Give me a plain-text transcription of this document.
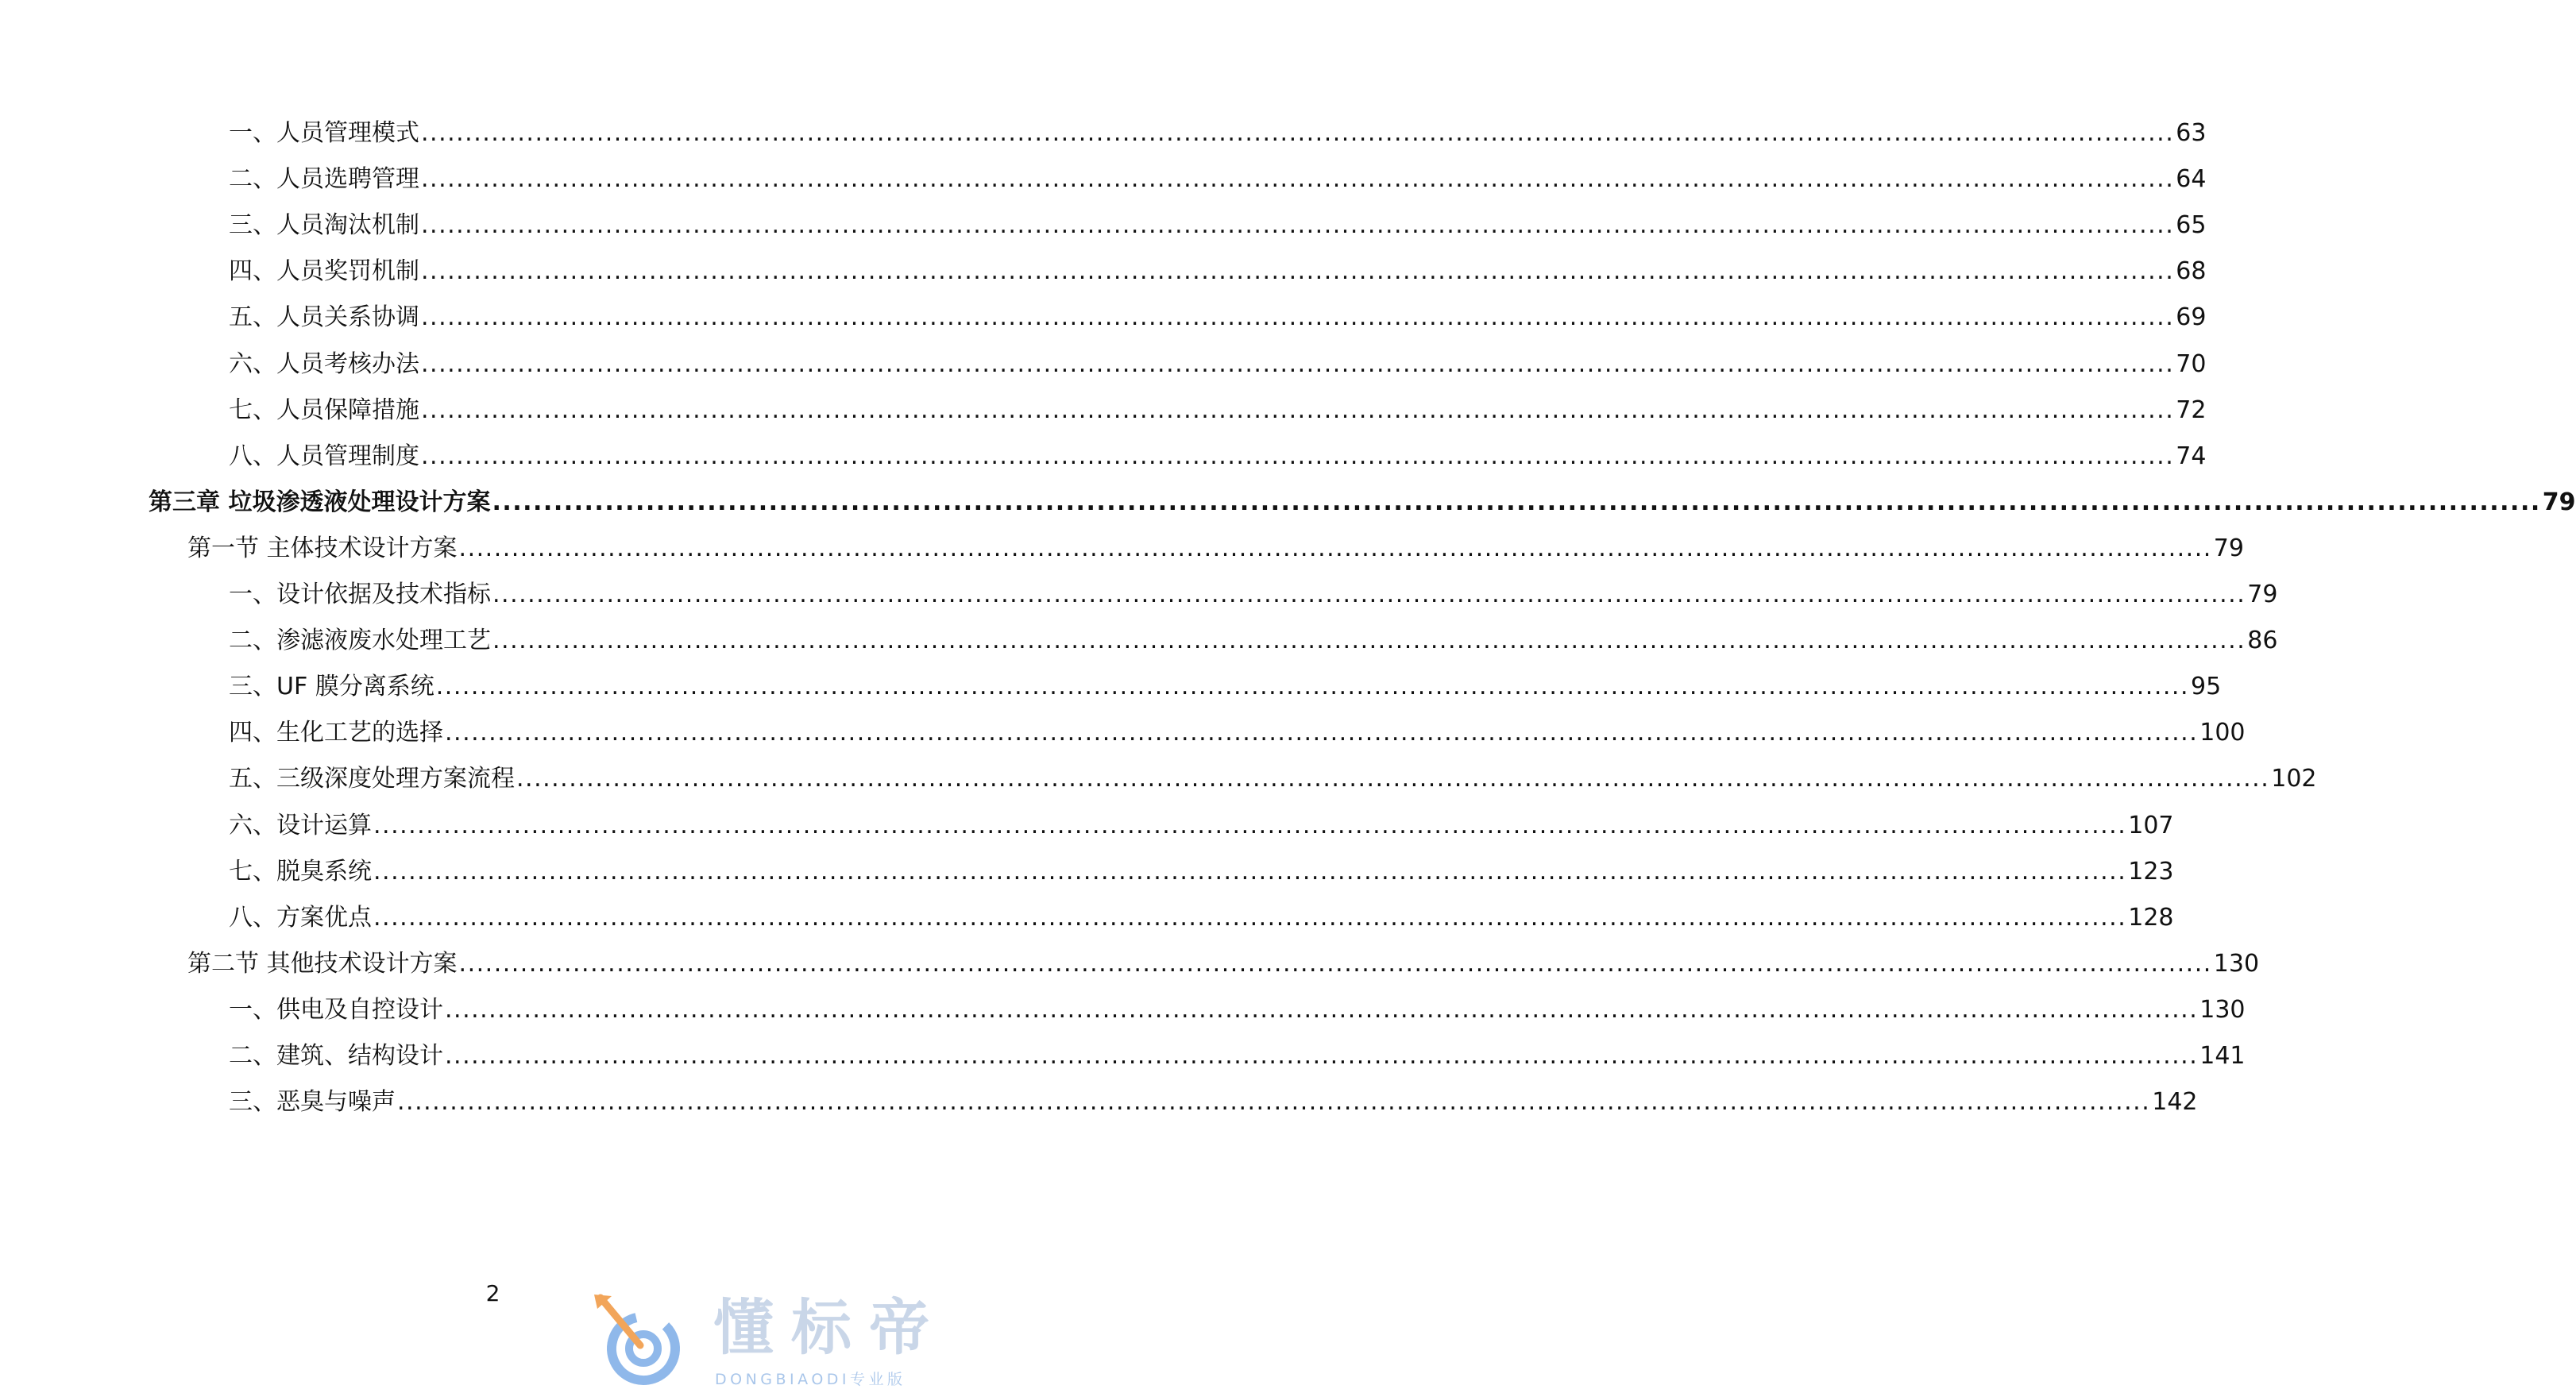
一、人员管理模式 ........................................................................................................................................................................................................ 63
二、人员选聘管理 ........................................................................................................................................................................................................ 64
三、人员淘汰机制 ........................................................................................................................................................................................................ 65
四、人员奖罚机制 ........................................................................................................................................................................................................ 68
五、人员关系协调 ........................................................................................................................................................................................................ 69
六、人员考核办法 ........................................................................................................................................................................................................ 70
七、人员保障措施 ........................................................................................................................................................................................................ 72
八、人员管理制度 ........................................................................................................................................................................................................ 74
第三章 垃圾渗透液处理设计方案 ........................................................................................................................................................................................................ 79
第一节 主体技术设计方案 ........................................................................................................................................................................................................ 79
一、设计依据及技术指标 ........................................................................................................................................................................................................ 79
二、渗滤液废水处理工艺 ........................................................................................................................................................................................................ 86
三、UF 膜分离系统 ........................................................................................................................................................................................................ 95
四、生化工艺的选择 ........................................................................................................................................................................................................ 100
五、三级深度处理方案流程 ........................................................................................................................................................................................................ 102
六、设计运算 ........................................................................................................................................................................................................ 107
七、脱臭系统 ........................................................................................................................................................................................................ 123
八、方案优点 ........................................................................................................................................................................................................ 128
第二节 其他技术设计方案 ........................................................................................................................................................................................................ 130
一、供电及自控设计 ........................................................................................................................................................................................................ 130
二、建筑、结构设计 ........................................................................................................................................................................................................ 141
三、恶臭与噪声 ........................................................................................................................................................................................................ 142
2	懂标帝
DONGBIAODI专业版
